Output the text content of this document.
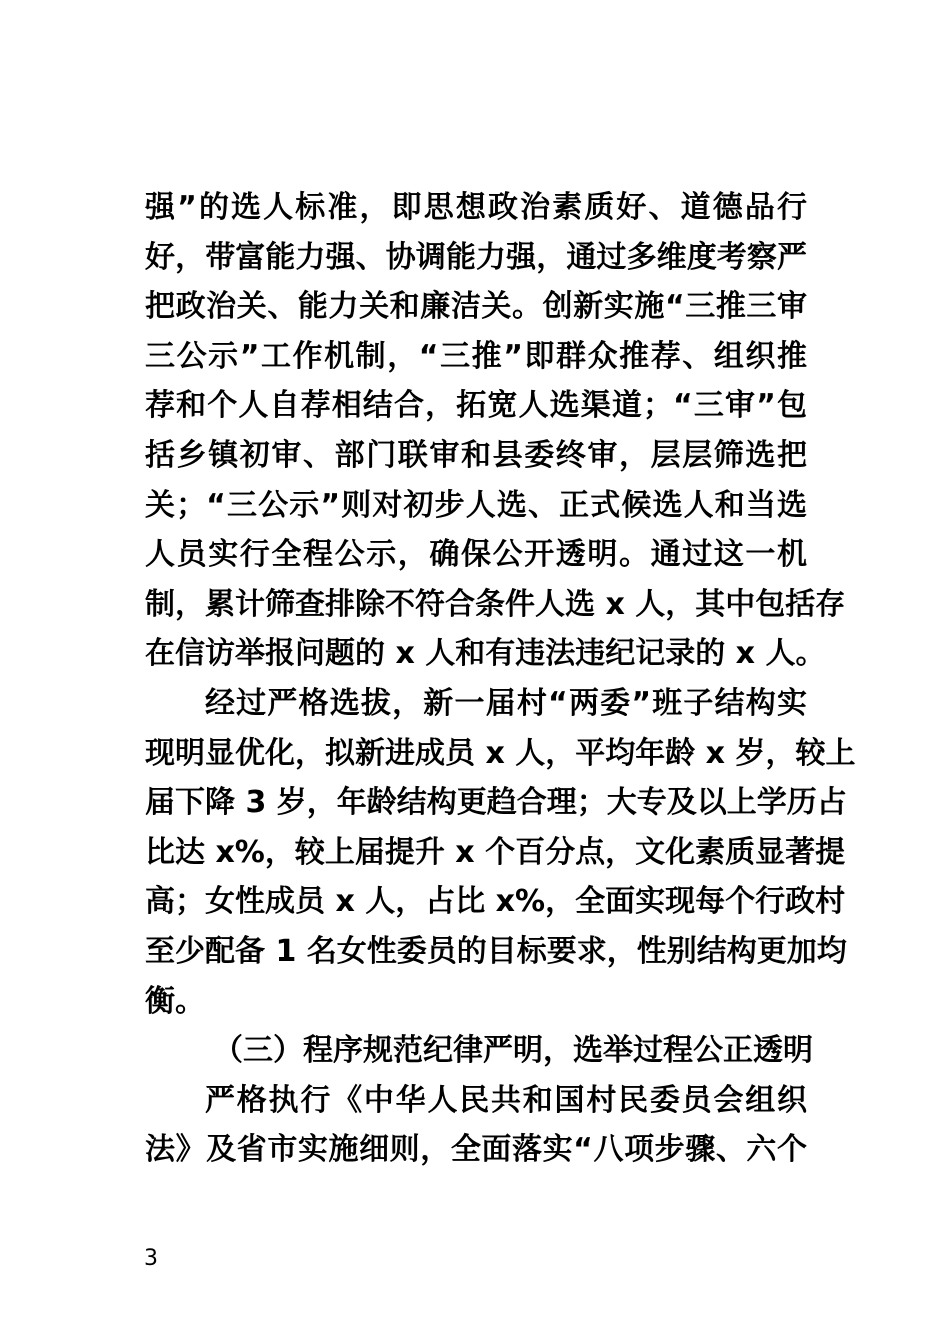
强”的选人标准，即思想政治素质好、道德品行
好，带富能力强、协调能力强，通过多维度考察严
把政治关、能力关和廉洁关。创新实施“三推三审
三公示”工作机制，“三推”即群众推荐、组织推
荐和个人自荐相结合，拓宽人选渠道；“三审”包
括乡镇初审、部门联审和县委终审，层层筛选把
关；“三公示”则对初步人选、正式候选人和当选
人员实行全程公示，确保公开透明。通过这一机
制，累计筛查排除不符合条件人选 x 人，其中包括存
在信访举报问题的 x 人和有违法违纪记录的 x 人。
经过严格选拔，新一届村“两委”班子结构实
现明显优化，拟新进成员 x 人，平均年龄 x 岁，较上
届下降 3 岁，年龄结构更趋合理；大专及以上学历占
比达 x%，较上届提升 x 个百分点，文化素质显著提
高；女性成员 x 人，占比 x%，全面实现每个行政村
至少配备 1 名女性委员的目标要求，性别结构更加均
衡。
（三）程序规范纪律严明，选举过程公正透明
严格执行《中华人民共和国村民委员会组织
法》及省市实施细则，全面落实“八项步骤、六个
3
